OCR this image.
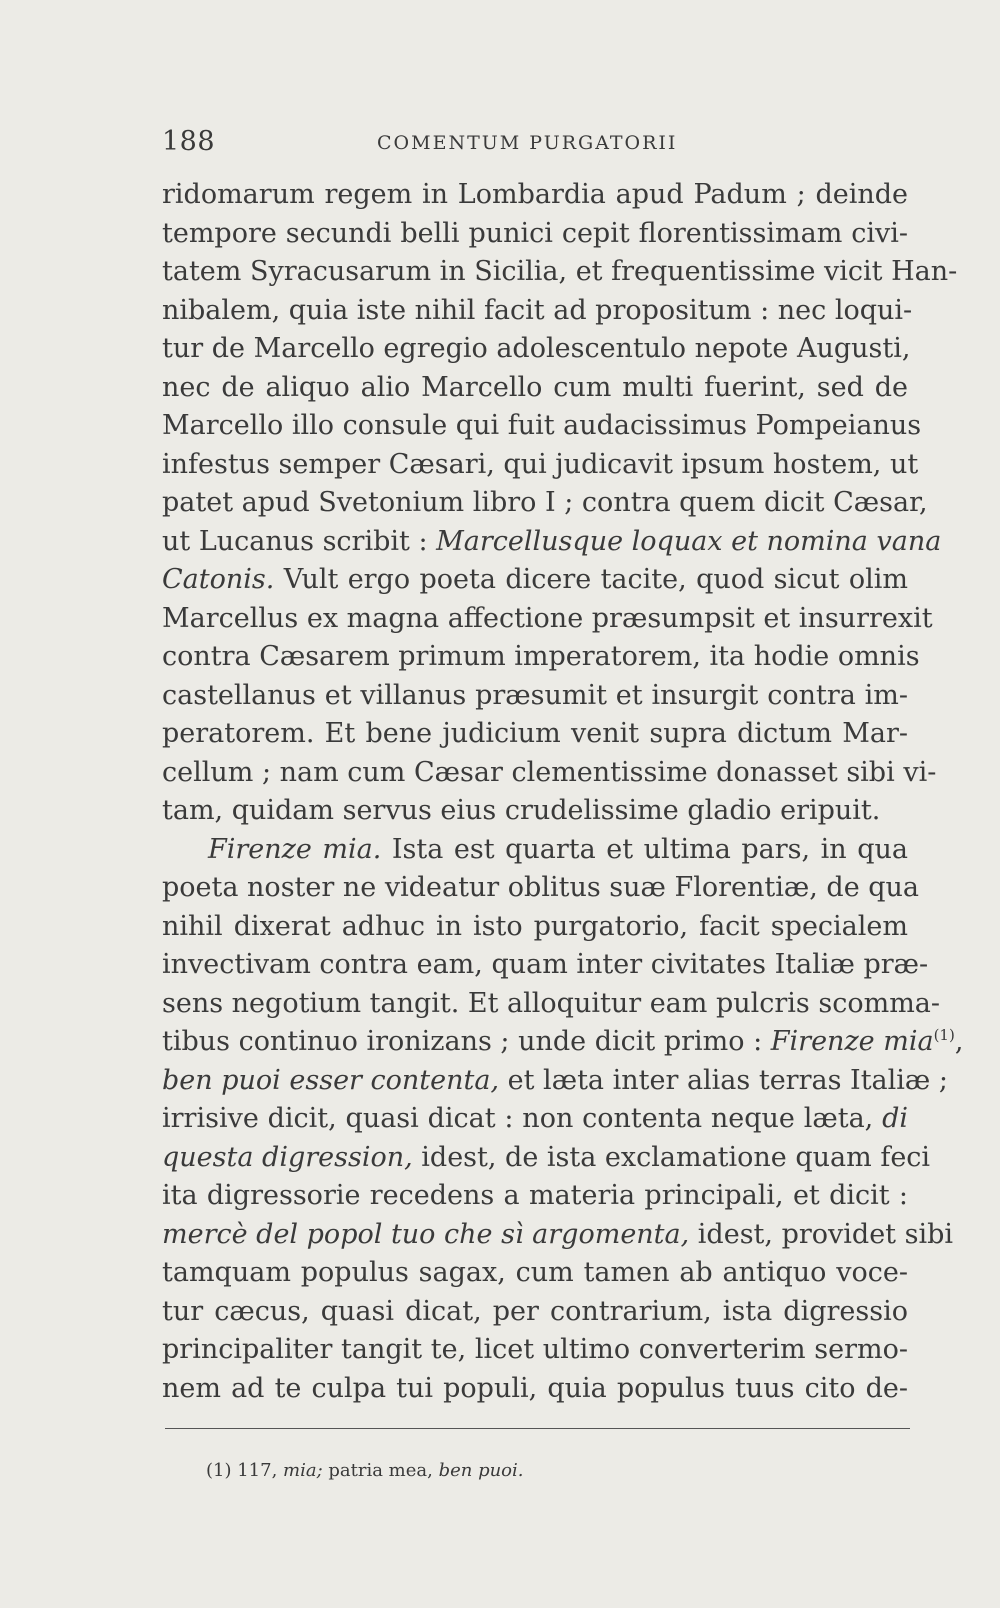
188	COMENTUM PURGATORII
ridomarum regem in Lombardia apud Padum ; deinde
tempore secundi belli punici cepit florentissimam civi-
tatem Syracusarum in Sicilia, et frequentissime vicit Han-
nibalem, quia iste nihil facit ad propositum : nec loqui-
tur de Marcello egregio adolescentulo nepote Augusti,
nec de aliquo alio Marcello cum multi fuerint, sed de
Marcello illo consule qui fuit audacissimus Pompeianus
infestus semper Cæsari, qui judicavit ipsum hostem, ut
patet apud Svetonium libro I ; contra quem dicit Cæsar,
ut Lucanus scribit : Marcellusque loquax et nomina vana
Catonis. Vult ergo poeta dicere tacite, quod sicut olim
Marcellus ex magna affectione præsumpsit et insurrexit
contra Cæsarem primum imperatorem, ita hodie omnis
castellanus et villanus præsumit et insurgit contra im-
peratorem. Et bene judicium venit supra dictum Mar-
cellum ; nam cum Cæsar clementissime donasset sibi vi-
tam, quidam servus eius crudelissime gladio eripuit.
Firenze mia. Ista est quarta et ultima pars, in qua
poeta noster ne videatur oblitus suæ Florentiæ, de qua
nihil dixerat adhuc in isto purgatorio, facit specialem
invectivam contra eam, quam inter civitates Italiæ præ-
sens negotium tangit. Et alloquitur eam pulcris scomma-
tibus continuo ironizans ; unde dicit primo : Firenze mia$^{(1)}$,
ben puoi esser contenta, et læta inter alias terras Italiæ ;
irrisive dicit, quasi dicat : non contenta neque læta, di
questa digression, idest, de ista exclamatione quam feci
ita digressorie recedens a materia principali, et dicit :
mercè del popol tuo che sì argomenta, idest, providet sibi
tamquam populus sagax, cum tamen ab antiquo voce-
tur cæcus, quasi dicat, per contrarium, ista digressio
principaliter tangit te, licet ultimo converterim sermo-
nem ad te culpa tui populi, quia populus tuus cito de-
(1) 117, mia; patria mea, ben puoi.
